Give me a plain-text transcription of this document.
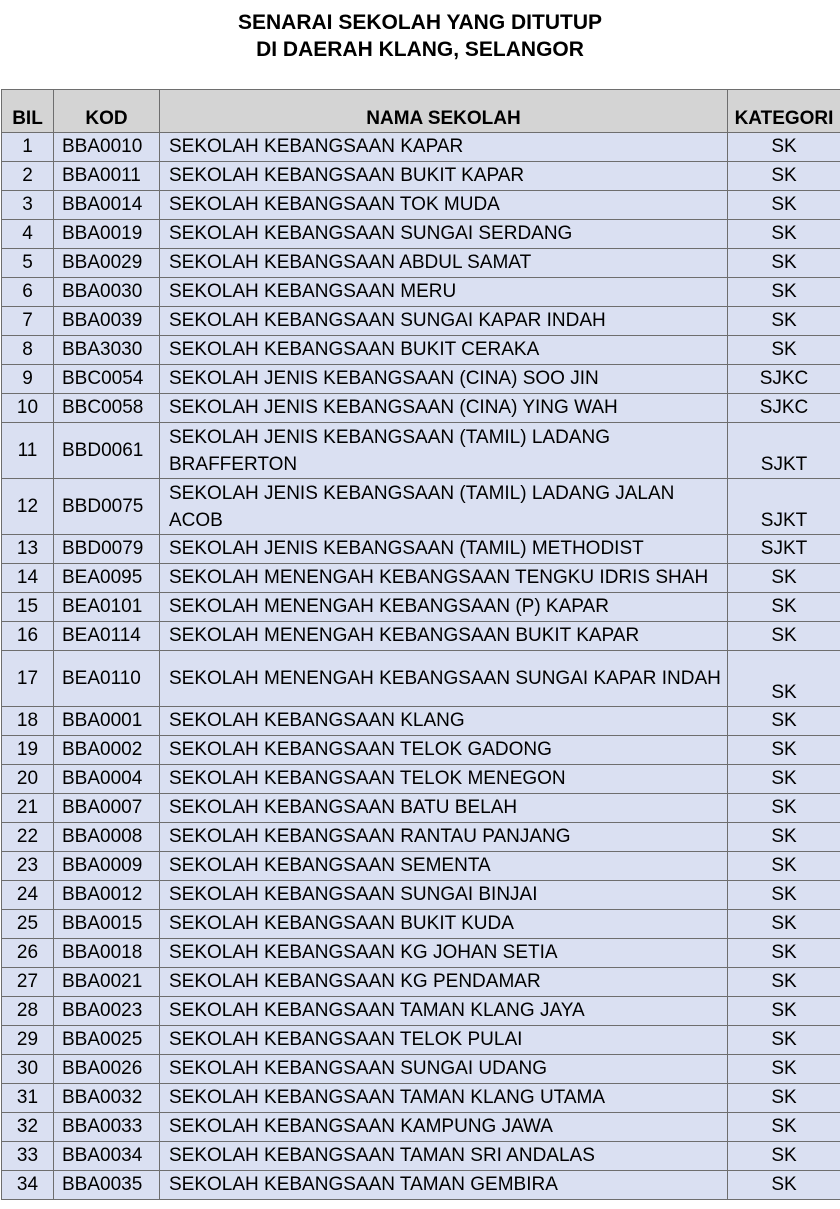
SENARAI SEKOLAH YANG DITUTUP
DI DAERAH KLANG, SELANGOR
BIL	KOD	NAMA SEKOLAH	KATEGORI
1	BBA0010	SEKOLAH KEBANGSAAN KAPAR	SK
2	BBA0011	SEKOLAH KEBANGSAAN BUKIT KAPAR	SK
3	BBA0014	SEKOLAH KEBANGSAAN TOK MUDA	SK
4	BBA0019	SEKOLAH KEBANGSAAN SUNGAI SERDANG	SK
5	BBA0029	SEKOLAH KEBANGSAAN ABDUL SAMAT	SK
6	BBA0030	SEKOLAH KEBANGSAAN MERU	SK
7	BBA0039	SEKOLAH KEBANGSAAN SUNGAI KAPAR INDAH	SK
8	BBA3030	SEKOLAH KEBANGSAAN BUKIT CERAKA	SK
9	BBC0054	SEKOLAH JENIS KEBANGSAAN (CINA) SOO JIN	SJKC
10	BBC0058	SEKOLAH JENIS KEBANGSAAN (CINA) YING WAH	SJKC
11	BBD0061	SEKOLAH JENIS KEBANGSAAN (TAMIL) LADANG BRAFFERTON	SJKT
12	BBD0075	SEKOLAH JENIS KEBANGSAAN (TAMIL) LADANG JALAN ACOB	SJKT
13	BBD0079	SEKOLAH JENIS KEBANGSAAN (TAMIL) METHODIST	SJKT
14	BEA0095	SEKOLAH MENENGAH KEBANGSAAN TENGKU IDRIS SHAH	SK
15	BEA0101	SEKOLAH MENENGAH KEBANGSAAN (P) KAPAR	SK
16	BEA0114	SEKOLAH MENENGAH KEBANGSAAN BUKIT KAPAR	SK
17	BEA0110	SEKOLAH MENENGAH KEBANGSAAN SUNGAI KAPAR INDAH	SK
18	BBA0001	SEKOLAH KEBANGSAAN KLANG	SK
19	BBA0002	SEKOLAH KEBANGSAAN TELOK GADONG	SK
20	BBA0004	SEKOLAH KEBANGSAAN TELOK MENEGON	SK
21	BBA0007	SEKOLAH KEBANGSAAN BATU BELAH	SK
22	BBA0008	SEKOLAH KEBANGSAAN RANTAU PANJANG	SK
23	BBA0009	SEKOLAH KEBANGSAAN SEMENTA	SK
24	BBA0012	SEKOLAH KEBANGSAAN SUNGAI BINJAI	SK
25	BBA0015	SEKOLAH KEBANGSAAN BUKIT KUDA	SK
26	BBA0018	SEKOLAH KEBANGSAAN KG JOHAN SETIA	SK
27	BBA0021	SEKOLAH KEBANGSAAN KG PENDAMAR	SK
28	BBA0023	SEKOLAH KEBANGSAAN TAMAN KLANG JAYA	SK
29	BBA0025	SEKOLAH KEBANGSAAN TELOK PULAI	SK
30	BBA0026	SEKOLAH KEBANGSAAN SUNGAI UDANG	SK
31	BBA0032	SEKOLAH KEBANGSAAN TAMAN KLANG UTAMA	SK
32	BBA0033	SEKOLAH KEBANGSAAN KAMPUNG JAWA	SK
33	BBA0034	SEKOLAH KEBANGSAAN TAMAN SRI ANDALAS	SK
34	BBA0035	SEKOLAH KEBANGSAAN TAMAN GEMBIRA	SK
